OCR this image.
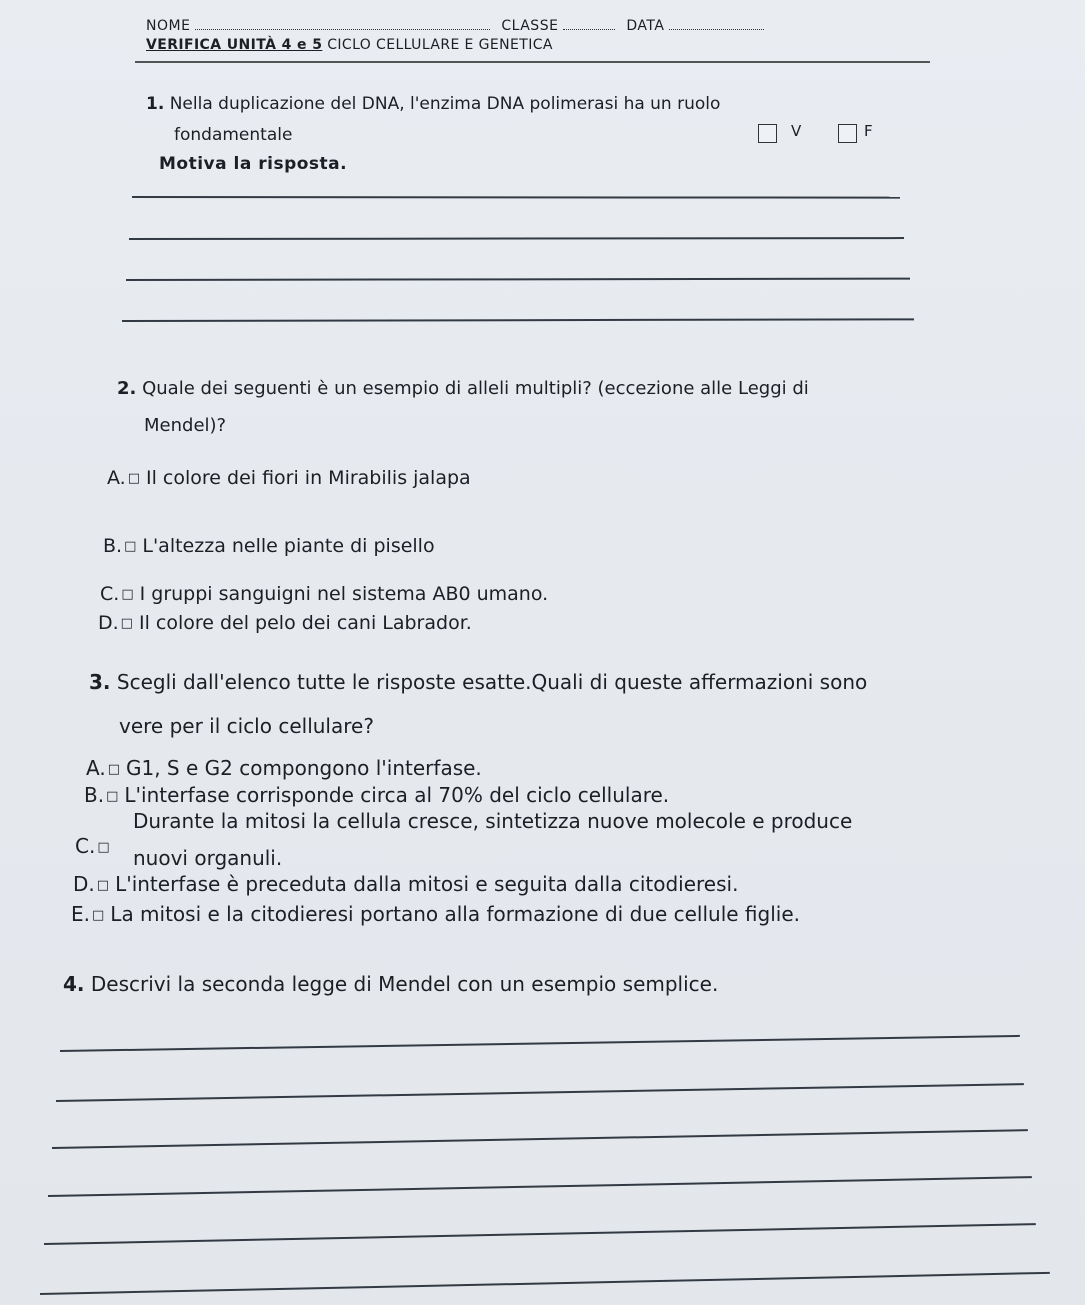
NOME	CLASSE	DATA
VERIFICA UNITÀ 4 e 5 CICLO CELLULARE E GENETICA
1. Nella duplicazione del DNA, l'enzima DNA polimerasi ha un ruolo
fondamentale	V	F
Motiva la risposta.
2. Quale dei seguenti è un esempio di alleli multipli? (eccezione alle Leggi di
Mendel)?
A. □ Il colore dei fiori in Mirabilis jalapa
B. □ L'altezza nelle piante di pisello
C. □ I gruppi sanguigni nel sistema AB0 umano.
D. □ Il colore del pelo dei cani Labrador.
3. Scegli dall'elenco tutte le risposte esatte.Quali di queste affermazioni sono
vere per il ciclo cellulare?
A. □ G1, S e G2 compongono l'interfase.
B. □ L'interfase corrisponde circa al 70% del ciclo cellulare.
C. □
Durante la mitosi la cellula cresce, sintetizza nuove molecole e produce
nuovi organuli.
D. □ L'interfase è preceduta dalla mitosi e seguita dalla citodieresi.
E. □ La mitosi e la citodieresi portano alla formazione di due cellule figlie.
4. Descrivi la seconda legge di Mendel con un esempio semplice.
